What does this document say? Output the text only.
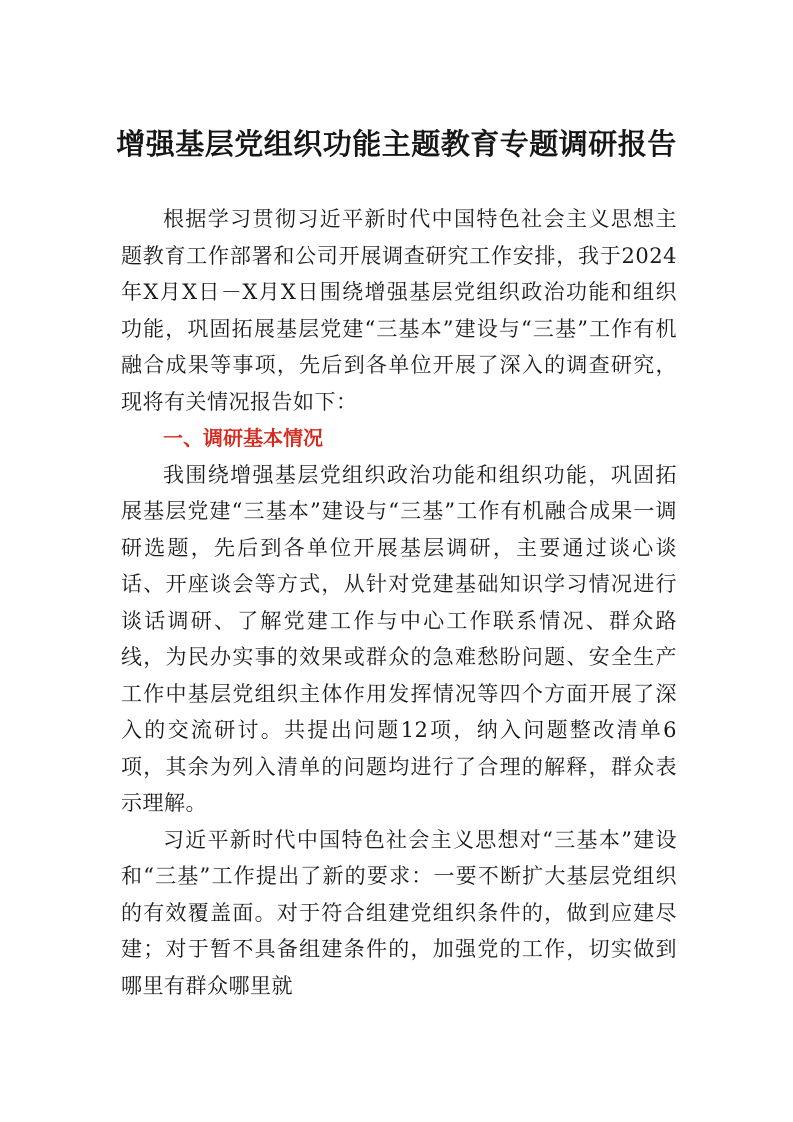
增强基层党组织功能主题教育专题调研报告

根据学习贯彻习近平新时代中国特色社会主义思想主题教育工作部署和公司开展调查研究工作安排，我于2024年X月X日－X月X日围绕增强基层党组织政治功能和组织功能，巩固拓展基层党建“三基本”建设与“三基”工作有机融合成果等事项，先后到各单位开展了深入的调查研究，现将有关情况报告如下：

一、调研基本情况

我围绕增强基层党组织政治功能和组织功能，巩固拓展基层党建“三基本”建设与“三基”工作有机融合成果一调研选题，先后到各单位开展基层调研，主要通过谈心谈话、开座谈会等方式，从针对党建基础知识学习情况进行谈话调研、了解党建工作与中心工作联系情况、群众路线，为民办实事的效果或群众的急难愁盼问题、安全生产工作中基层党组织主体作用发挥情况等四个方面开展了深入的交流研讨。共提出问题12项，纳入问题整改清单6项，其余为列入清单的问题均进行了合理的解释，群众表示理解。

习近平新时代中国特色社会主义思想对“三基本”建设和“三基”工作提出了新的要求：一要不断扩大基层党组织的有效覆盖面。对于符合组建党组织条件的，做到应建尽建；对于暂不具备组建条件的，加强党的工作，切实做到哪里有群众哪里就
